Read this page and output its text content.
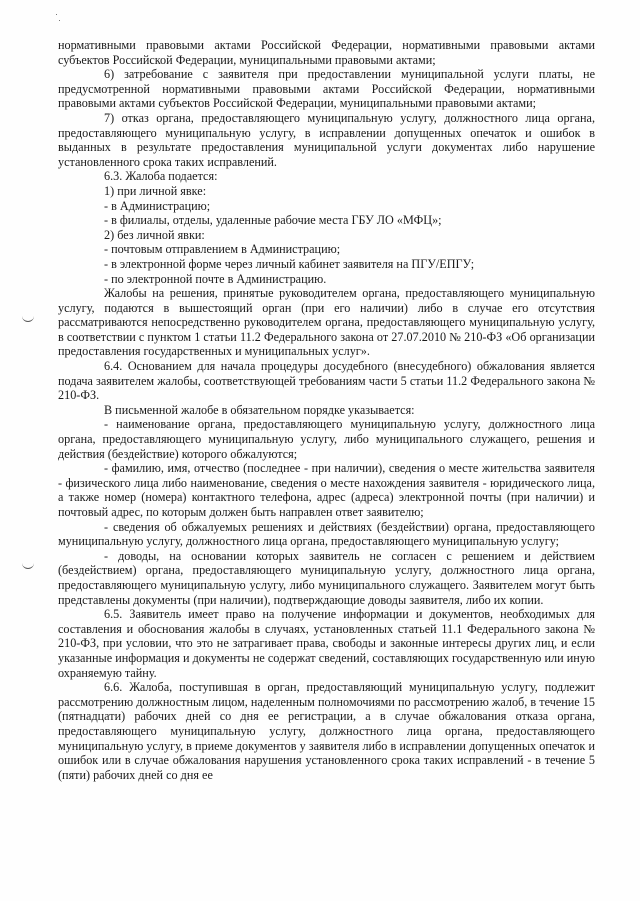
нормативными правовыми актами Российской Федерации, нормативными правовыми актами субъектов Российской Федерации, муниципальными правовыми актами;

6) затребование с заявителя при предоставлении муниципальной услуги платы, не предусмотренной нормативными правовыми актами Российской Федерации, нормативными правовыми актами субъектов Российской Федерации, муниципальными правовыми актами;

7) отказ органа, предоставляющего муниципальную услугу, должностного лица органа, предоставляющего муниципальную услугу, в исправлении допущенных опечаток и ошибок в выданных в результате предоставления муниципальной услуги документах либо нарушение установленного срока таких исправлений.

6.3. Жалоба подается:

1) при личной явке:

- в Администрацию;

- в филиалы, отделы, удаленные рабочие места ГБУ ЛО «МФЦ»;

2) без личной явки:

- почтовым отправлением в Администрацию;

- в электронной форме через личный кабинет заявителя на ПГУ/ЕПГУ;

- по электронной почте в Администрацию.

Жалобы на решения, принятые руководителем органа, предоставляющего муниципальную услугу, подаются в вышестоящий орган (при его наличии) либо в случае его отсутствия рассматриваются непосредственно руководителем органа, предоставляющего муниципальную услугу, в соответствии с пунктом 1 статьи 11.2 Федерального закона от 27.07.2010 № 210-ФЗ «Об организации предоставления государственных и муниципальных услуг».

6.4. Основанием для начала процедуры досудебного (внесудебного) обжалования является подача заявителем жалобы, соответствующей требованиям части 5 статьи 11.2 Федерального закона № 210-ФЗ.

В письменной жалобе в обязательном порядке указывается:

- наименование органа, предоставляющего муниципальную услугу, должностного лица органа, предоставляющего муниципальную услугу, либо муниципального служащего, решения и действия (бездействие) которого обжалуются;

- фамилию, имя, отчество (последнее - при наличии), сведения о месте жительства заявителя - физического лица либо наименование, сведения о месте нахождения заявителя - юридического лица, а также номер (номера) контактного телефона, адрес (адреса) электронной почты (при наличии) и почтовый адрес, по которым должен быть направлен ответ заявителю;

- сведения об обжалуемых решениях и действиях (бездействии) органа, предоставляющего муниципальную услугу, должностного лица органа, предоставляющего муниципальную услугу;

- доводы, на основании которых заявитель не согласен с решением и действием (бездействием) органа, предоставляющего муниципальную услугу, должностного лица органа, предоставляющего муниципальную услугу, либо муниципального служащего. Заявителем могут быть представлены документы (при наличии), подтверждающие доводы заявителя, либо их копии.

6.5. Заявитель имеет право на получение информации и документов, необходимых для составления и обоснования жалобы в случаях, установленных статьей 11.1 Федерального закона № 210-ФЗ, при условии, что это не затрагивает права, свободы и законные интересы других лиц, и если указанные информация и документы не содержат сведений, составляющих государственную или иную охраняемую тайну.

6.6. Жалоба, поступившая в орган, предоставляющий муниципальную услугу, подлежит рассмотрению должностным лицом, наделенным полномочиями по рассмотрению жалоб, в течение 15 (пятнадцати) рабочих дней со дня ее регистрации, а в случае обжалования отказа органа, предоставляющего муниципальную услугу, должностного лица органа, предоставляющего муниципальную услугу, в приеме документов у заявителя либо в исправлении допущенных опечаток и ошибок или в случае обжалования нарушения установленного срока таких исправлений - в течение 5 (пяти) рабочих дней со дня ее
